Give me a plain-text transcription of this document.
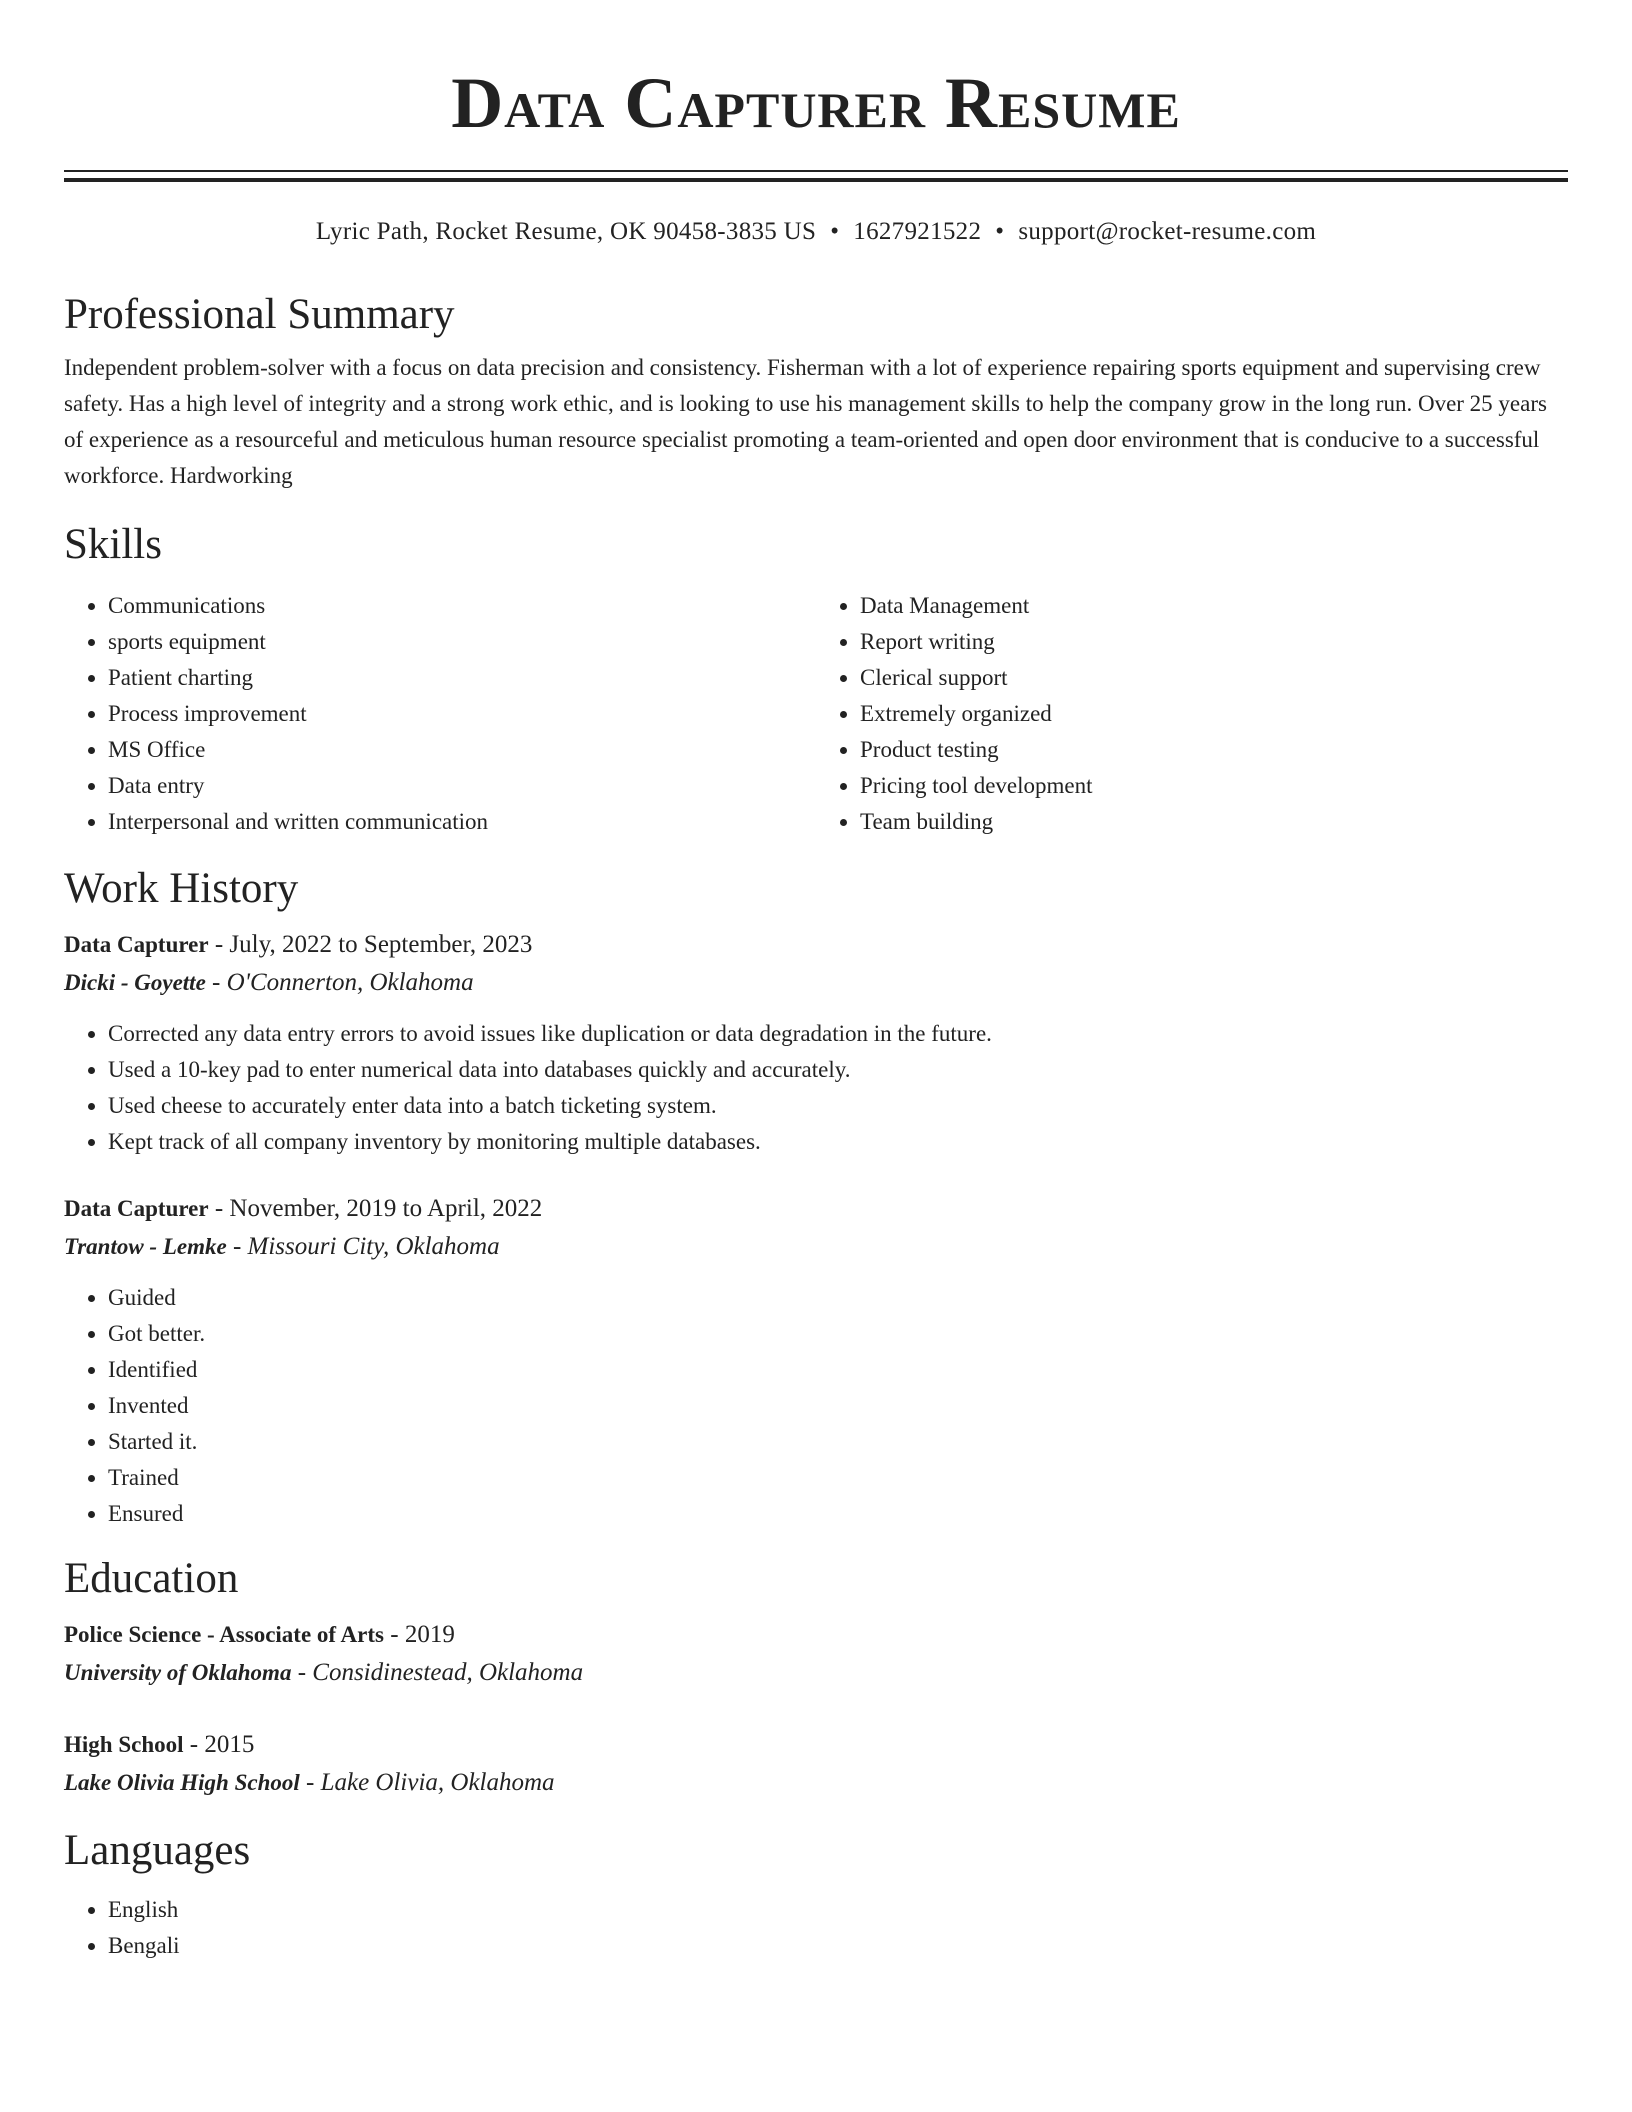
Data Capturer Resume
Lyric Path, Rocket Resume, OK 90458-3835 US • 1627921522 • support@rocket-resume.com
Professional Summary

Independent problem-solver with a focus on data precision and consistency. Fisherman with a lot of experience repairing sports equipment and supervising crew safety. Has a high level of integrity and a strong work ethic, and is looking to use his management skills to help the company grow in the long run. Over 25 years of experience as a resourceful and meticulous human resource specialist promoting a team-oriented and open door environment that is conducive to a successful workforce. Hardworking

Skills
• Communications
• sports equipment
• Patient charting
• Process improvement
• MS Office
• Data entry
• Interpersonal and written communication
• Data Management
• Report writing
• Clerical support
• Extremely organized
• Product testing
• Pricing tool development
• Team building
Work History
Data Capturer - July, 2022 to September, 2023
Dicki - Goyette - O'Connerton, Oklahoma
• Corrected any data entry errors to avoid issues like duplication or data degradation in the future.
• Used a 10-key pad to enter numerical data into databases quickly and accurately.
• Used cheese to accurately enter data into a batch ticketing system.
• Kept track of all company inventory by monitoring multiple databases.
Data Capturer - November, 2019 to April, 2022
Trantow - Lemke - Missouri City, Oklahoma
• Guided
• Got better.
• Identified
• Invented
• Started it.
• Trained
• Ensured
Education
Police Science - Associate of Arts - 2019
University of Oklahoma - Considinestead, Oklahoma
High School - 2015
Lake Olivia High School - Lake Olivia, Oklahoma
Languages
• English
• Bengali
